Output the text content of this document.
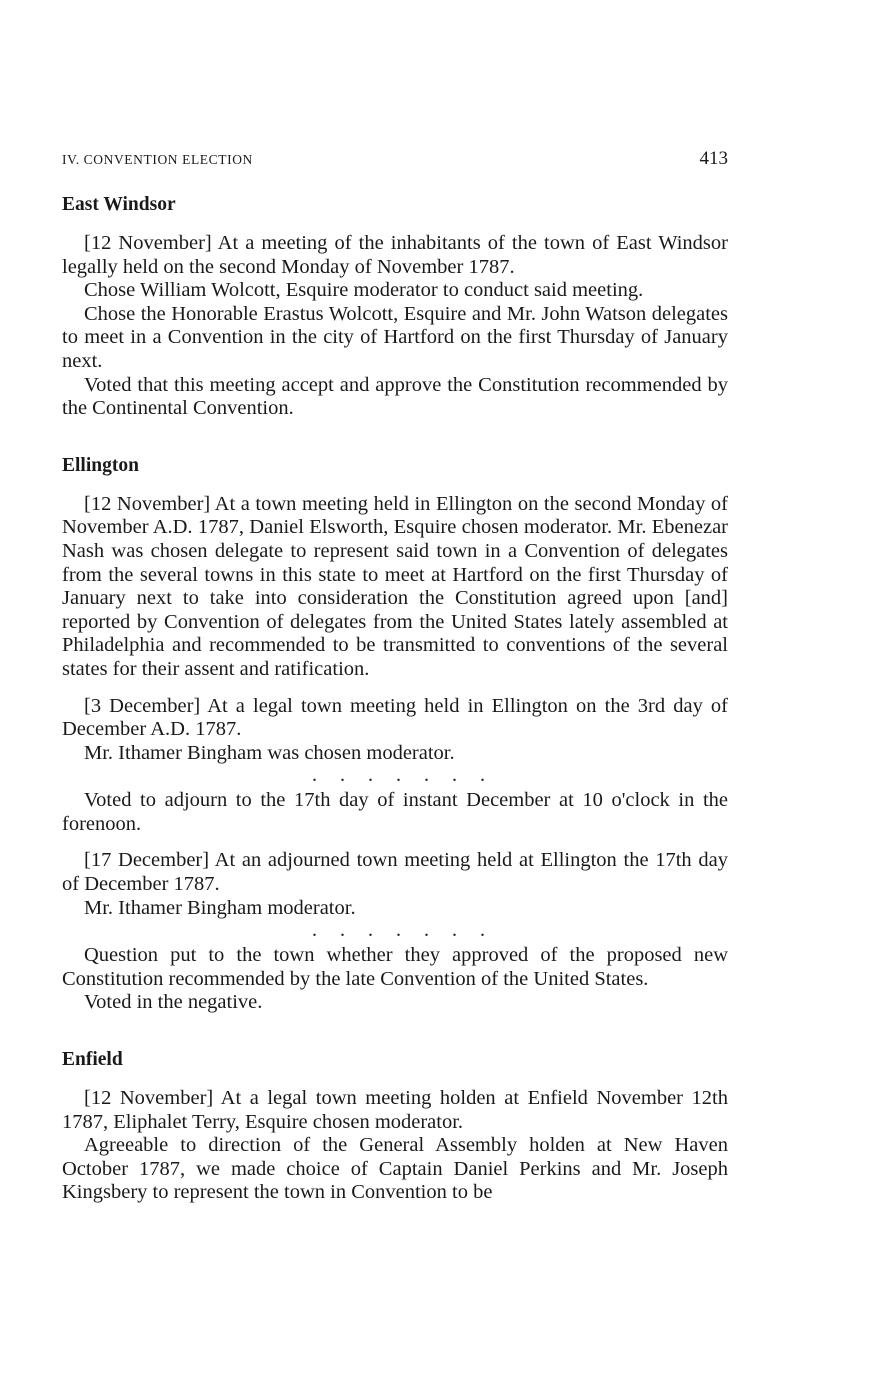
IV. CONVENTION ELECTION	413
East Windsor

[12 November] At a meeting of the inhabitants of the town of East Windsor legally held on the second Monday of November 1787.

Chose William Wolcott, Esquire moderator to conduct said meeting.

Chose the Honorable Erastus Wolcott, Esquire and Mr. John Watson delegates to meet in a Convention in the city of Hartford on the first Thursday of January next.

Voted that this meeting accept and approve the Constitution recommended by the Continental Convention.

Ellington

[12 November] At a town meeting held in Ellington on the second Monday of November A.D. 1787, Daniel Elsworth, Esquire chosen moderator. Mr. Ebenezar Nash was chosen delegate to represent said town in a Convention of delegates from the several towns in this state to meet at Hartford on the first Thursday of January next to take into consideration the Constitution agreed upon [and] reported by Convention of delegates from the United States lately assembled at Philadelphia and recommended to be transmitted to conventions of the several states for their assent and ratification.

[3 December] At a legal town meeting held in Ellington on the 3rd day of December A.D. 1787.

Mr. Ithamer Bingham was chosen moderator.

. . . . . . .

Voted to adjourn to the 17th day of instant December at 10 o'clock in the forenoon.

[17 December] At an adjourned town meeting held at Ellington the 17th day of December 1787.

Mr. Ithamer Bingham moderator.

. . . . . . .

Question put to the town whether they approved of the proposed new Constitution recommended by the late Convention of the United States.

Voted in the negative.

Enfield

[12 November] At a legal town meeting holden at Enfield November 12th 1787, Eliphalet Terry, Esquire chosen moderator.

Agreeable to direction of the General Assembly holden at New Haven October 1787, we made choice of Captain Daniel Perkins and Mr. Joseph Kingsbery to represent the town in Convention to be
